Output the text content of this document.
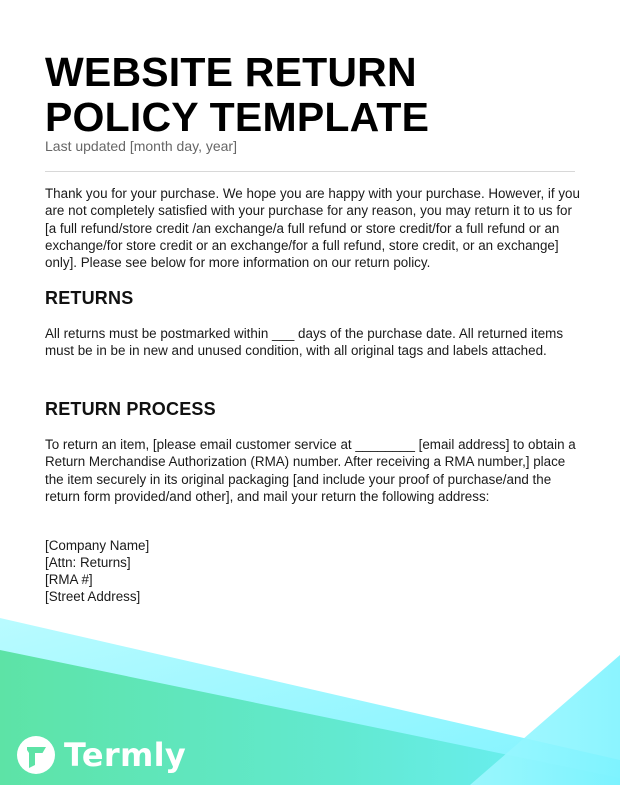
WEBSITE RETURN
POLICY TEMPLATE

Last updated [month day, year]

Thank you for your purchase. We hope you are happy with your purchase. However, if you are not completely satisfied with your purchase for any reason, you may return it to us for [a full refund/store credit /an exchange/a full refund or store credit/for a full refund or an exchange/for store credit or an exchange/for a full refund, store credit, or an exchange] only]. Please see below for more information on our return policy.

RETURNS

All returns must be postmarked within ___ days of the purchase date. All returned items must be in be in new and unused condition, with all original tags and labels attached.

RETURN PROCESS

To return an item, [please email customer service at ________ [email address] to obtain a Return Merchandise Authorization (RMA) number. After receiving a RMA number,] place the item securely in its original packaging [and include your proof of purchase/and the return form provided/and other], and mail your return the following address:

[Company Name]
[Attn: Returns]
[RMA #]
[Street Address]
Termly
